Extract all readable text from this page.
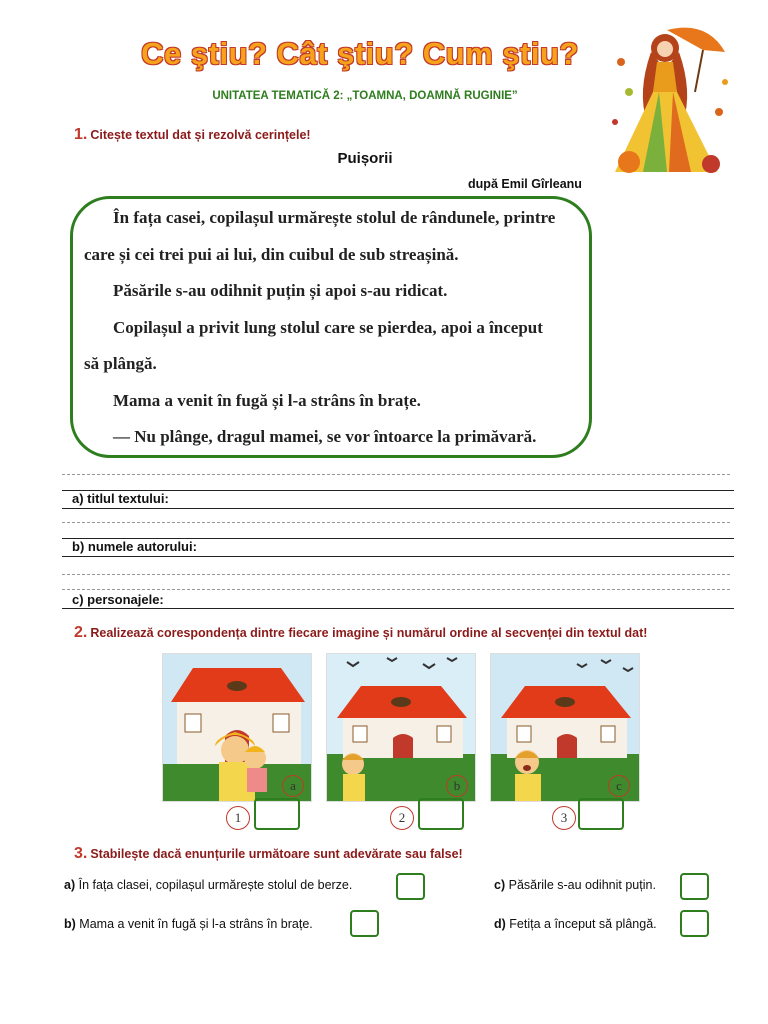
Ce ştiu? Cât ştiu? Cum ştiu?
UNITATEA TEMATICĂ 2: „TOAMNA, DOAMNĂ RUGINIE”
1. Citește textul dat și rezolvă cerințele!
Puișorii
după Emil Gîrleanu

În fața casei, copilașul urmărește stolul de rândunele, printre

care și cei trei pui ai lui, din cuibul de sub streașină.

Păsările s-au odihnit puțin și apoi s-au ridicat.

Copilașul a privit lung stolul care se pierdea, apoi a început

să plângă.

Mama a venit în fugă și l-a strâns în brațe.

— Nu plânge, dragul mamei, se vor întoarce la primăvară.

a) titlul textului:
b) numele autorului:
c) personajele:
2. Realizează corespondența dintre fiecare imagine și numărul ordine al secvenței din textul dat!
a	b	c
1	2	3
3. Stabilește dacă enunțurile următoare sunt adevărate sau false!
a) În fața clasei, copilașul urmărește stolul de berze.	c) Păsările s-au odihnit puțin.
b) Mama a venit în fugă și l-a strâns în brațe.	d) Fetița a început să plângă.
